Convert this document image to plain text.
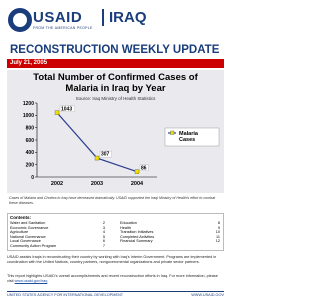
USAID IRAQ
FROM THE AMERICAN PEOPLE
RECONSTRUCTION WEEKLY UPDATE
July 21, 2005
Total Number of Confirmed Cases of
Malaria in Iraq by Year
Source: Iraq Ministry of Health Statistics
0
200
400
600
800
1000
1200
2002	2003	2004
1043
307
86
Malaria
Cases
Cases of Malaria and Cholera in Iraq have decreased dramatically. USAID supported the Iraqi Ministry of Health's effort to combat these diseases.
Contents:
Water and Sanitation	2
Economic Governance	3
Agriculture	4
National Governance	5
Local Governance	6
Community Action Program	7
Education	8
Health	9
Transition Initiatives	10
Completed Activities	11
Financial Summary	12
USAID assists Iraqis in reconstructing their country by working with Iraq's Interim Government. Programs are implemented in coordination with the United Nations, country partners, nongovernmental organizations and private sector partners.
This report highlights USAID's overall accomplishments and recent reconstruction efforts in Iraq. For more information, please visit www.usaid.gov/iraq
UNITED STATES AGENCY FOR INTERNATIONAL DEVELOPMENT	WWW.USAID.GOV
